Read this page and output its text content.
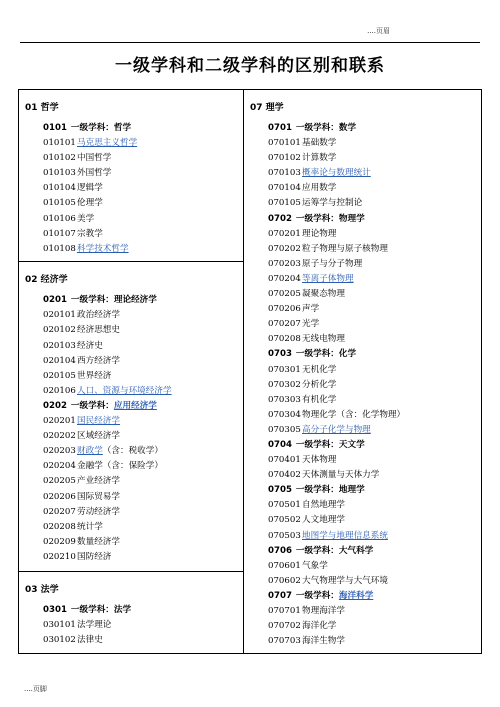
....页眉
一级学科和二级学科的区别和联系
01 哲学
0101 一级学科：哲学
010101马克思主义哲学
010102中国哲学
010103外国哲学
010104逻辑学
010105伦理学
010106美学
010107宗教学
010108科学技术哲学

07 理学
0701 一级学科：数学
070101基础数学
070102计算数学
070103概率论与数理统计
070104应用数学
070105运筹学与控制论
0702 一级学科：物理学
070201理论物理
070202粒子物理与原子核物理
070203原子与分子物理
070204等离子体物理
070205凝聚态物理
070206声学
070207光学
070208无线电物理
0703 一级学科：化学
070301无机化学
070302分析化学
070303有机化学
070304物理化学（含：化学物理）
070305高分子化学与物理
0704 一级学科：天文学
070401天体物理
070402天体测量与天体力学
0705 一级学科：地理学
070501自然地理学
070502人文地理学
070503地图学与地理信息系统
0706 一级学科：大气科学
070601气象学
070602大气物理学与大气环境
0707 一级学科：海洋科学
070701物理海洋学
070702海洋化学
070703海洋生物学

02 经济学
0201 一级学科：理论经济学
020101政治经济学
020102经济思想史
020103经济史
020104西方经济学
020105世界经济
020106人口、资源与环境经济学
0202 一级学科：应用经济学
020201国民经济学
020202区域经济学
020203财政学（含：税收学）
020204金融学（含：保险学）
020205产业经济学
020206国际贸易学
020207劳动经济学
020208统计学
020209数量经济学
020210国防经济

03 法学
0301 一级学科：法学
030101法学理论
030102法律史
....页脚
